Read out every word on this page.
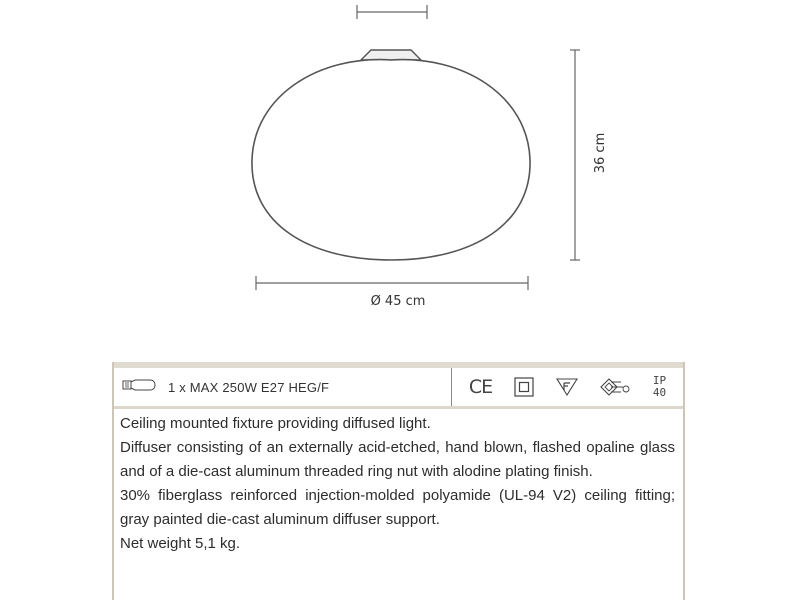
36 cm
Ø 45 cm
1 x MAX 250W E27 HEG/F	CE	IP
40

Ceiling mounted fixture providing diffused light.

Diffuser consisting of an externally acid-etched, hand blown, flashed opaline glass and of a die-cast aluminum threaded ring nut with alodine plating finish.

30% fiberglass reinforced injection-molded polyamide (UL-94 V2) ceiling fitting; gray painted die-cast aluminum diffuser support.

Net weight 5,1 kg.
